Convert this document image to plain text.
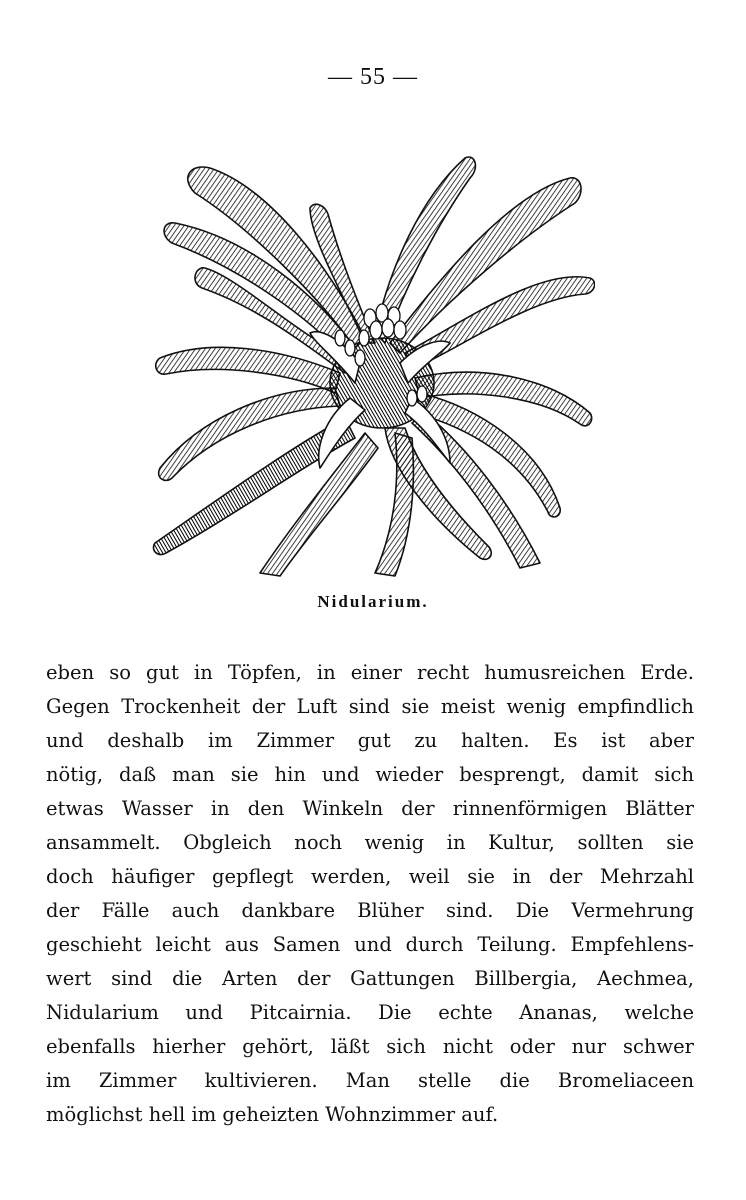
— 55 —
Nidularium.
eben so gut in Töpfen, in einer recht humusreichen Erde.
Gegen Trockenheit der Luft sind sie meist wenig empfindlich
und deshalb im Zimmer gut zu halten. Es ist aber
nötig, daß man sie hin und wieder besprengt, damit sich
etwas Wasser in den Winkeln der rinnenförmigen Blätter
ansammelt. Obgleich noch wenig in Kultur, sollten sie
doch häufiger gepflegt werden, weil sie in der Mehrzahl
der Fälle auch dankbare Blüher sind. Die Vermehrung
geschieht leicht aus Samen und durch Teilung. Empfehlens-
wert sind die Arten der Gattungen Billbergia, Aechmea,
Nidularium und Pitcairnia. Die echte Ananas, welche
ebenfalls hierher gehört, läßt sich nicht oder nur schwer
im Zimmer kultivieren. Man stelle die Bromeliaceen
möglichst hell im geheizten Wohnzimmer auf.
